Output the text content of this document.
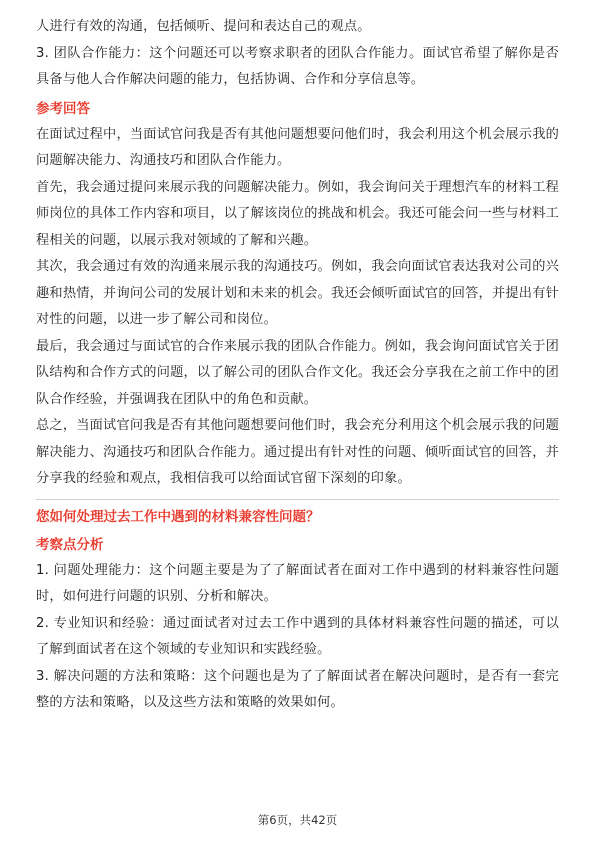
人进行有效的沟通，包括倾听、提问和表达自己的观点。

3. 团队合作能力：这个问题还可以考察求职者的团队合作能力。面试官希望了解你是否具备与他人合作解决问题的能力，包括协调、合作和分享信息等。

参考回答

在面试过程中，当面试官问我是否有其他问题想要问他们时，我会利用这个机会展示我的问题解决能力、沟通技巧和团队合作能力。

首先，我会通过提问来展示我的问题解决能力。例如，我会询问关于理想汽车的材料工程师岗位的具体工作内容和项目，以了解该岗位的挑战和机会。我还可能会问一些与材料工程相关的问题，以展示我对领域的了解和兴趣。

其次，我会通过有效的沟通来展示我的沟通技巧。例如，我会向面试官表达我对公司的兴趣和热情，并询问公司的发展计划和未来的机会。我还会倾听面试官的回答，并提出有针对性的问题，以进一步了解公司和岗位。

最后，我会通过与面试官的合作来展示我的团队合作能力。例如，我会询问面试官关于团队结构和合作方式的问题，以了解公司的团队合作文化。我还会分享我在之前工作中的团队合作经验，并强调我在团队中的角色和贡献。

总之，当面试官问我是否有其他问题想要问他们时，我会充分利用这个机会展示我的问题解决能力、沟通技巧和团队合作能力。通过提出有针对性的问题、倾听面试官的回答，并分享我的经验和观点，我相信我可以给面试官留下深刻的印象。

您如何处理过去工作中遇到的材料兼容性问题？
考察点分析

1. 问题处理能力：这个问题主要是为了了解面试者在面对工作中遇到的材料兼容性问题时，如何进行问题的识别、分析和解决。

2. 专业知识和经验：通过面试者对过去工作中遇到的具体材料兼容性问题的描述，可以了解到面试者在这个领域的专业知识和实践经验。

3. 解决问题的方法和策略：这个问题也是为了了解面试者在解决问题时，是否有一套完整的方法和策略，以及这些方法和策略的效果如何。

第6页，共42页
